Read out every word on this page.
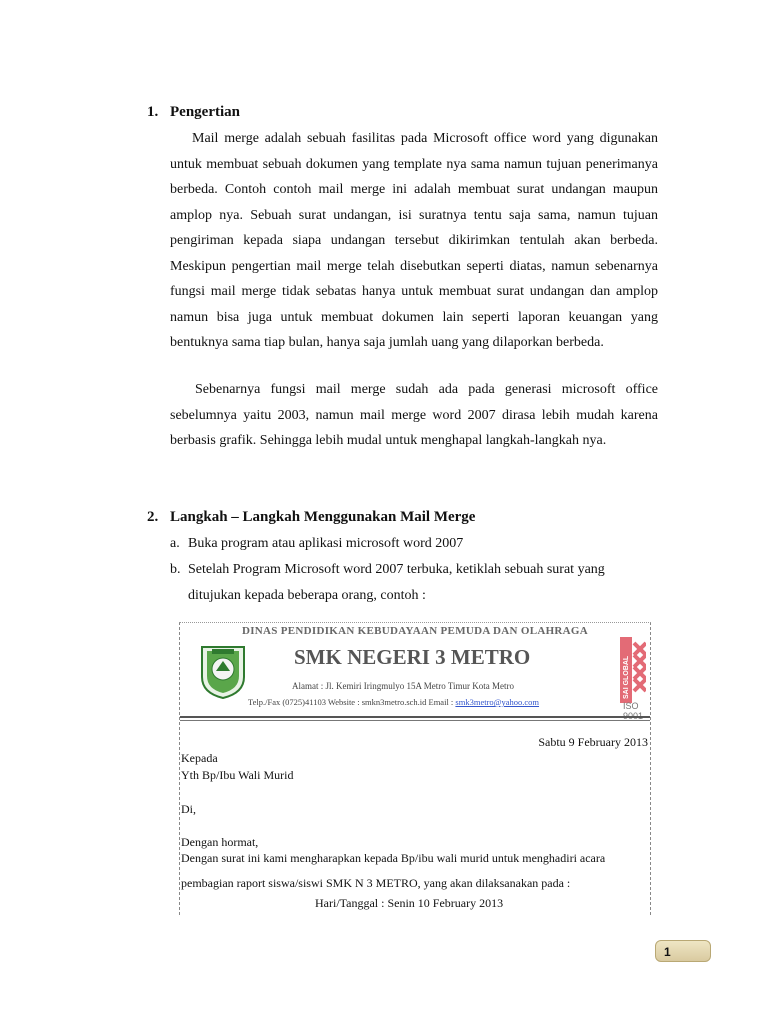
1. Pengertian
Mail merge adalah sebuah fasilitas pada Microsoft office word yang digunakan untuk membuat sebuah dokumen yang template nya sama namun tujuan penerimanya berbeda. Contoh contoh mail merge ini adalah membuat surat undangan maupun amplop nya. Sebuah surat undangan, isi suratnya tentu saja sama, namun tujuan pengiriman kepada siapa undangan tersebut dikirimkan tentulah akan berbeda. Meskipun pengertian mail merge telah disebutkan seperti diatas, namun sebenarnya fungsi mail merge tidak sebatas hanya untuk membuat surat undangan dan amplop namun bisa juga untuk membuat dokumen lain seperti laporan keuangan yang bentuknya sama tiap bulan, hanya saja jumlah uang yang dilaporkan berbeda.
Sebenarnya fungsi mail merge sudah ada pada generasi microsoft office sebelumnya yaitu 2003, namun mail merge word 2007 dirasa lebih mudah karena berbasis grafik. Sehingga lebih mudal untuk menghapal langkah-langkah nya.
2. Langkah – Langkah Menggunakan Mail Merge
a. Buka program atau aplikasi microsoft word 2007
b. Setelah Program Microsoft word 2007 terbuka, ketiklah sebuah surat yang
ditujukan kepada beberapa orang, contoh :
DINAS PENDIDIKAN KEBUDAYAAN PEMUDA DAN OLAHRAGA
SMK NEGERI 3 METRO
Alamat : Jl. Kemiri Iringmulyo 15A Metro Timur Kota Metro
Telp./Fax (0725)41103 Website : smkn3metro.sch.id Email : smk3metro@yahoo.com
SAI GLOBAL
ISO 9001
Sabtu 9 February 2013
Kepada
Yth Bp/Ibu Wali Murid
Di,
Dengan hormat,
Dengan surat ini kami mengharapkan kepada Bp/ibu wali murid untuk menghadiri acara
pembagian raport siswa/siswi SMK N 3 METRO, yang akan dilaksanakan pada :
Hari/Tanggal : Senin 10 February 2013
1
